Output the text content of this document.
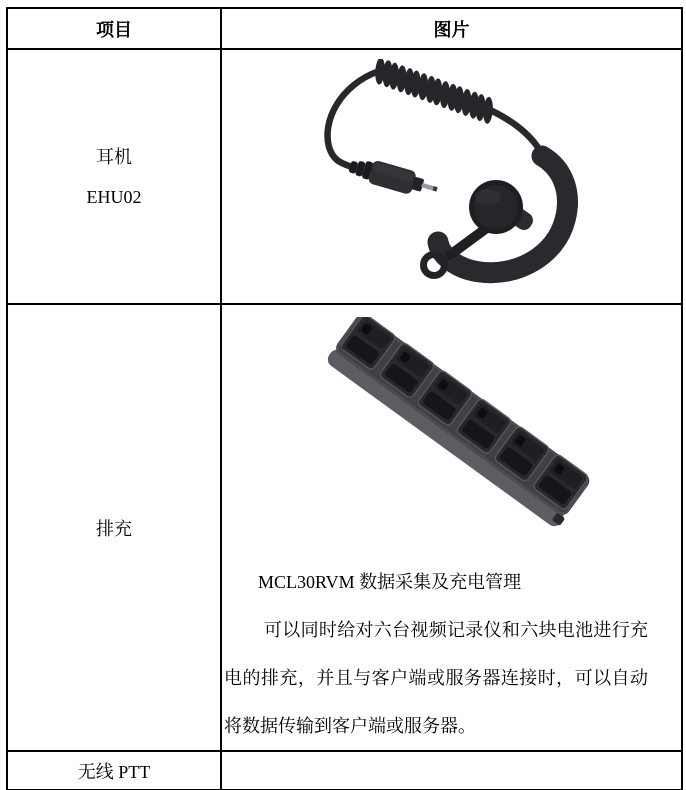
项目	图片

耳机
EHU02

排充	MCL30RVM 数据采集及充电管理

可以同时给对六台视频记录仪和六块电池进行充电的排充，并且与客户端或服务器连接时，可以自动将数据传输到客户端或服务器。

无线 PTT	
